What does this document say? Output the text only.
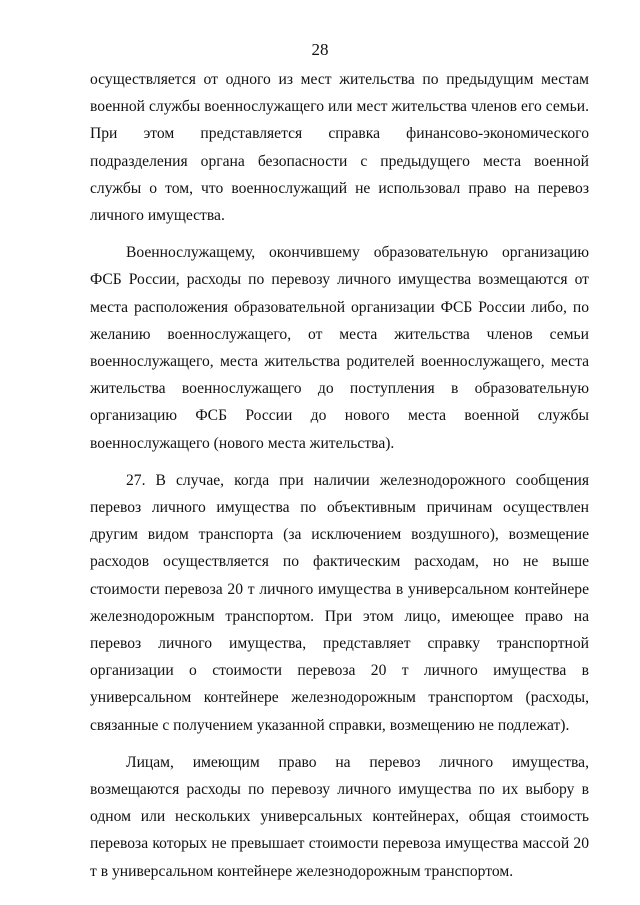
28

осуществляется от одного из мест жительства по предыдущим местам военной службы военнослужащего или мест жительства членов его семьи. При этом представляется справка финансово-экономического подразделения органа безопасности с предыдущего места военной службы о том, что военнослужащий не использовал право на перевоз личного имущества.

Военнослужащему, окончившему образовательную организацию ФСБ России, расходы по перевозу личного имущества возмещаются от места расположения образовательной организации ФСБ России либо, по желанию военнослужащего, от места жительства членов семьи военнослужащего, места жительства родителей военнослужащего, места жительства военнослужащего до поступления в образовательную организацию ФСБ России до нового места военной службы военнослужащего (нового места жительства).

27. В случае, когда при наличии железнодорожного сообщения перевоз личного имущества по объективным причинам осуществлен другим видом транспорта (за исключением воздушного), возмещение расходов осуществляется по фактическим расходам, но не выше стоимости перевоза 20 т личного имущества в универсальном контейнере железнодорожным транспортом. При этом лицо, имеющее право на перевоз личного имущества, представляет справку транспортной организации о стоимости перевоза 20 т личного имущества в универсальном контейнере железнодорожным транспортом (расходы, связанные с получением указанной справки, возмещению не подлежат).

Лицам, имеющим право на перевоз личного имущества, возмещаются расходы по перевозу личного имущества по их выбору в одном или нескольких универсальных контейнерах, общая стоимость перевоза которых не превышает стоимости перевоза имущества массой 20 т в универсальном контейнере железнодорожным транспортом.
